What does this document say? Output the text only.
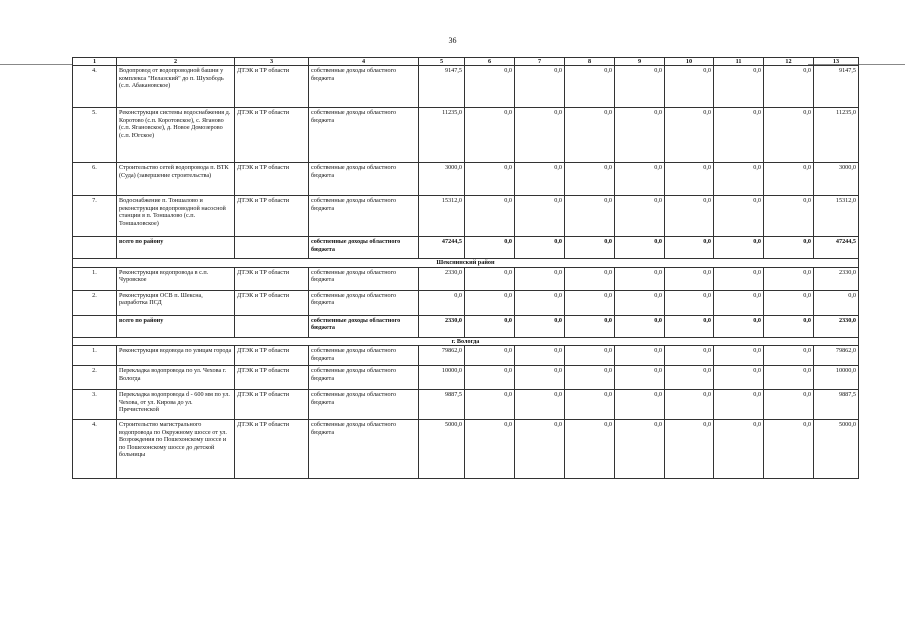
36
1	2	3	4	5	6	7	8	9	10	11	12	13
4.	Водопровод от водопроводной башни у комплекса "Нелазский" до п. Шухободь (с.п. Абакановское)	ДТЭК и ТР области	собственные доходы областного бюджета	9147,5	0,0	0,0	0,0	0,0	0,0	0,0	0,0	9147,5
5.	Реконструкция системы водоснабжения д. Коротово (с.п. Коротовское), с. Яганово (с.п. Ягановское), д. Новое Домозерово (с.п. Югское)	ДТЭК и ТР области	собственные доходы областного бюджета	11235,0	0,0	0,0	0,0	0,0	0,0	0,0	0,0	11235,0
6.	Строительство сетей водопровода п. ВТК (Суда) (завершение строительства)	ДТЭК и ТР области	собственные доходы областного бюджета	3000,0	0,0	0,0	0,0	0,0	0,0	0,0	0,0	3000,0
7.	Водоснабжение п. Тоншалово и реконструкция водопроводной насосной станции в п. Тоншалово (с.п. Тоншаловское)	ДТЭК и ТР области	собственные доходы областного бюджета	15312,0	0,0	0,0	0,0	0,0	0,0	0,0	0,0	15312,0
	всего по району		собственные доходы областного бюджета	47244,5	0,0	0,0	0,0	0,0	0,0	0,0	0,0	47244,5
Шекснинский район												
1.	Реконструкция водопровода в с.п. Чуровское	ДТЭК и ТР области	собственные доходы областного бюджета	2330,0	0,0	0,0	0,0	0,0	0,0	0,0	0,0	2330,0
2.	Реконструкция ОСВ п. Шексна, разработка ПСД	ДТЭК и ТР области	собственные доходы областного бюджета	0,0	0,0	0,0	0,0	0,0	0,0	0,0	0,0	0,0
	всего по району		собственные доходы областного бюджета	2330,0	0,0	0,0	0,0	0,0	0,0	0,0	0,0	2330,0
г. Вологда												
1.	Реконструкция водовода по улицам города	ДТЭК и ТР области	собственные доходы областного бюджета	79862,0	0,0	0,0	0,0	0,0	0,0	0,0	0,0	79862,0
2.	Перекладка водопровода по ул. Чехова г. Вологда	ДТЭК и ТР области	собственные доходы областного бюджета	10000,0	0,0	0,0	0,0	0,0	0,0	0,0	0,0	10000,0
3.	Перекладка водопровода d - 600 мм по ул. Чехова, от ул. Кирова до ул. Пречистенской	ДТЭК и ТР области	собственные доходы областного бюджета	9887,5	0,0	0,0	0,0	0,0	0,0	0,0	0,0	9887,5
4.	Строительство магистрального водопровода по Окружному шоссе от ул. Возрождения по Пошехонскому шоссе и по Пошехонскому шоссе до детской больницы	ДТЭК и ТР области	собственные доходы областного бюджета	5000,0	0,0	0,0	0,0	0,0	0,0	0,0	0,0	5000,0
